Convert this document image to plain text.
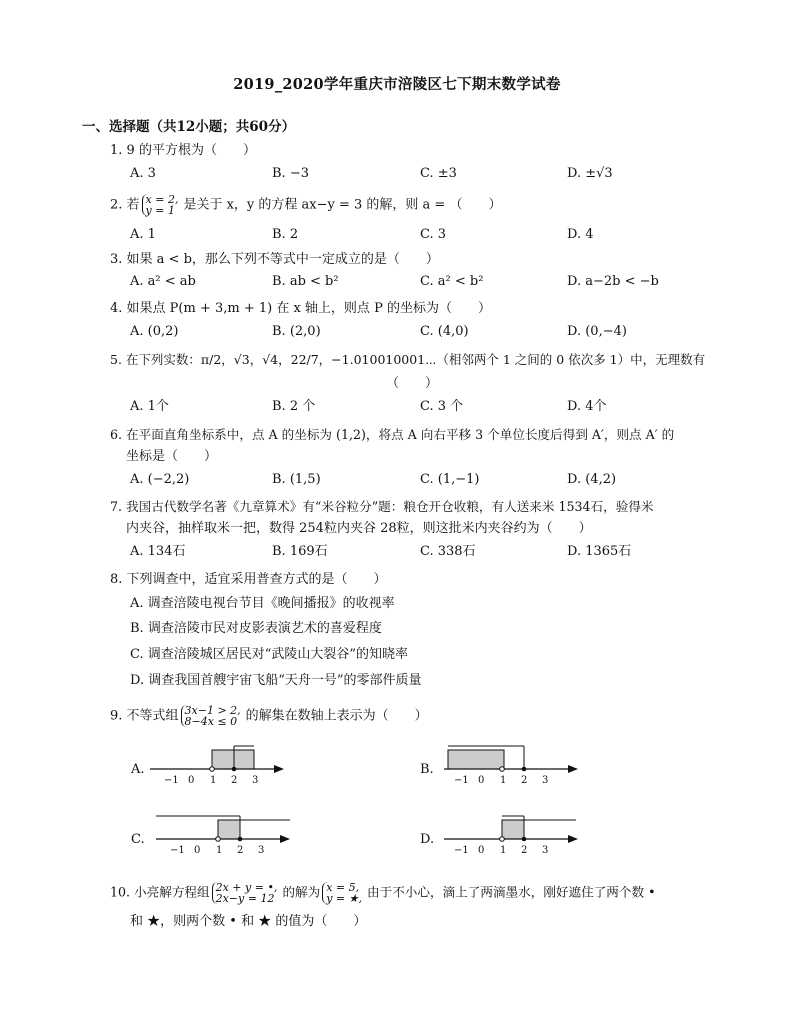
2019_2020学年重庆市涪陵区七下期末数学试卷
一、选择题（共12小题；共60分）
1. 9 的平方根为（　　）
A. 3	B. −3	C. ±3	D. ±√3
2. 若 x = 2,
y = 1 是关于 x，y 的方程 ax−y = 3 的解，则 a = （　　）
A. 1	B. 2	C. 3	D. 4
3. 如果 a < b，那么下列不等式中一定成立的是（　　）
A. a² < ab	B. ab < b²	C. a² < b²	D. a−2b < −b
4. 如果点 P(m + 3,m + 1) 在 x 轴上，则点 P 的坐标为（　　）
A. (0,2)	B. (2,0)	C. (4,0)	D. (0,−4)
5. 在下列实数：π/2，√3，√4，22/7，−1.010010001⋯（相邻两个 1 之间的 0 依次多 1）中，无理数有
（　　）
A. 1个	B. 2 个	C. 3 个	D. 4个
6. 在平面直角坐标系中，点 A 的坐标为 (1,2)，将点 A 向右平移 3 个单位长度后得到 A′，则点 A′ 的
坐标是（　　）
A. (−2,2)	B. (1,5)	C. (1,−1)	D. (4,2)
7. 我国古代数学名著《九章算术》有“米谷粒分”题：粮仓开仓收粮，有人送来米 1534石，验得米
内夹谷，抽样取米一把，数得 254粒内夹谷 28粒，则这批米内夹谷约为（　　）
A. 134石	B. 169石	C. 338石	D. 1365石
8. 下列调查中，适宜采用普查方式的是（　　）
A. 调查涪陵电视台节目《晚间播报》的收视率
B. 调查涪陵市民对皮影表演艺术的喜爱程度
C. 调查涪陵城区居民对“武陵山大裂谷”的知晓率
D. 调查我国首艘宇宙飞船“天舟一号”的零部件质量
9. 不等式组 3x−1 > 2,
8−4x ≤ 0 的解集在数轴上表示为（　　）
A.	B.
C.	D.
−1 0 1 2 3	−1 0 1 2 3
−1 0 1 2 3	−1 0 1 2 3
10. 小亮解方程组 2x + y = •,
2x−y = 12 的解为 x = 5,
y = ★, 由于不小心，滴上了两滴墨水，刚好遮住了两个数 •
和 ★，则两个数 • 和 ★ 的值为（　　）
